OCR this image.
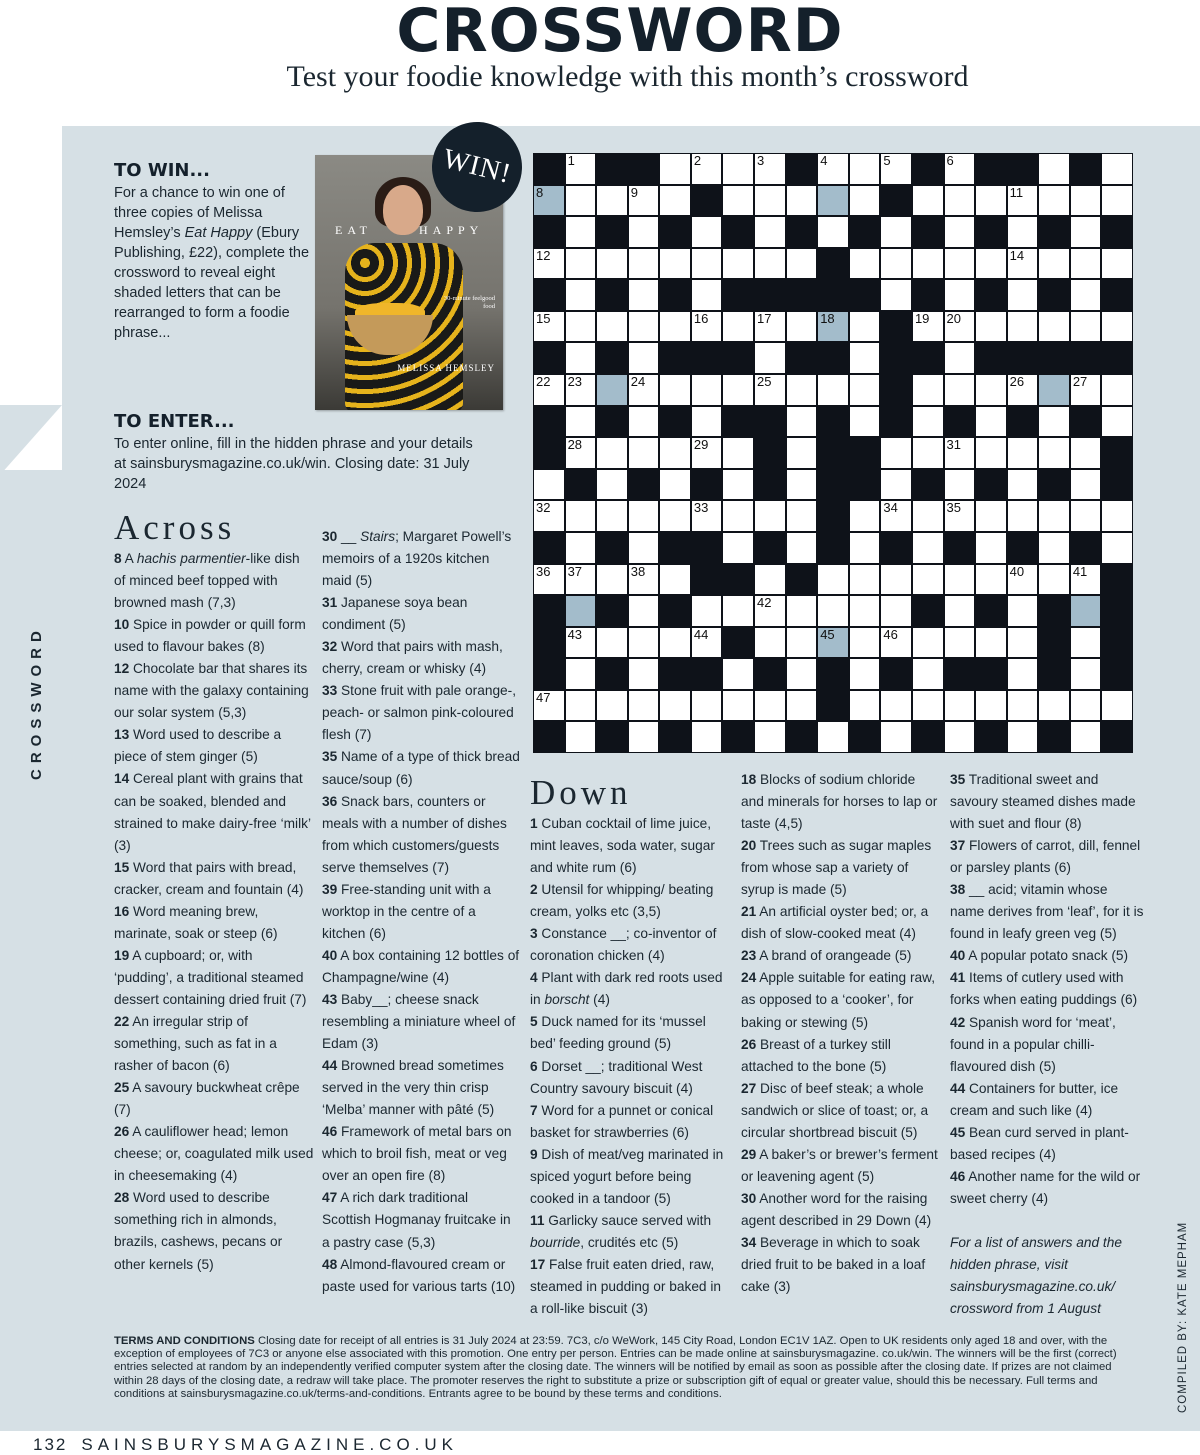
CROSSWORD
Test your foodie knowledge with this month’s crossword
CROSSWORD
TO WIN...
For a chance to win one of three copies of Melissa Hemsley’s Eat Happy (Ebury Publishing, £22), complete the crossword to reveal eight shaded letters that can be rearranged to form a foodie phrase...
EAT	HAPPY
30-minute feelgood food
MELISSA HEMSLEY
WIN!
TO ENTER...
To enter online, fill in the hidden phrase and your details at sainsburysmagazine.co.uk/win. Closing date: 31 July 2024
1	2	3	4	5	6
8	9	11
12	14
15	16	17	18	19 20
22 23	24	25	26	27
28	29	31
32	33	34	35
36 37	38	40	41
42
43	44	45	46
47
Across
8 A hachis parmentier-like dish of minced beef topped with browned mash (7,3)
10 Spice in powder or quill form used to flavour bakes (8)
12 Chocolate bar that shares its name with the galaxy containing our solar system (5,3)
13 Word used to describe a piece of stem ginger (5)
14 Cereal plant with grains that can be soaked, blended and strained to make dairy-free ‘milk’ (3)
15 Word that pairs with bread, cracker, cream and fountain (4)
16 Word meaning brew, marinate, soak or steep (6)
19 A cupboard; or, with ‘pudding’, a traditional steamed dessert containing dried fruit (7)
22 An irregular strip of something, such as fat in a rasher of bacon (6)
25 A savoury buckwheat crêpe (7)
26 A cauliflower head; lemon cheese; or, coagulated milk used in cheesemaking (4)
28 Word used to describe something rich in almonds, brazils, cashews, pecans or other kernels (5)
30 __ Stairs; Margaret Powell’s memoirs of a 1920s kitchen maid (5)
31 Japanese soya bean condiment (5)
32 Word that pairs with mash, cherry, cream or whisky (4)
33 Stone fruit with pale orange-, peach- or salmon pink-coloured flesh (7)
35 Name of a type of thick bread sauce/soup (6)
36 Snack bars, counters or meals with a number of dishes from which customers/guests serve themselves (7)
39 Free-standing unit with a worktop in the centre of a kitchen (6)
40 A box containing 12 bottles of Champagne/wine (4)
43 Baby__; cheese snack resembling a miniature wheel of Edam (3)
44 Browned bread sometimes served in the very thin crisp ‘Melba’ manner with pâté (5)
46 Framework of metal bars on which to broil fish, meat or veg over an open fire (8)
47 A rich dark traditional Scottish Hogmanay fruitcake in a pastry case (5,3)
48 Almond-flavoured cream or paste used for various tarts (10)
Down
1 Cuban cocktail of lime juice, mint leaves, soda water, sugar and white rum (6)
2 Utensil for whipping/ beating cream, yolks etc (3,5)
3 Constance __; co-inventor of coronation chicken (4)
4 Plant with dark red roots used in borscht (4)
5 Duck named for its ‘mussel bed’ feeding ground (5)
6 Dorset __; traditional West Country savoury biscuit (4)
7 Word for a punnet or conical basket for strawberries (6)
9 Dish of meat/veg marinated in spiced yogurt before being cooked in a tandoor (5)
11 Garlicky sauce served with bourride, crudités etc (5)
17 False fruit eaten dried, raw, steamed in pudding or baked in a roll-like biscuit (3)
18 Blocks of sodium chloride and minerals for horses to lap or taste (4,5)
20 Trees such as sugar maples from whose sap a variety of syrup is made (5)
21 An artificial oyster bed; or, a dish of slow-cooked meat (4)
23 A brand of orangeade (5)
24 Apple suitable for eating raw, as opposed to a ‘cooker’, for baking or stewing (5)
26 Breast of a turkey still attached to the bone (5)
27 Disc of beef steak; a whole sandwich or slice of toast; or, a circular shortbread biscuit (5)
29 A baker’s or brewer’s ferment or leavening agent (5)
30 Another word for the raising agent described in 29 Down (4)
34 Beverage in which to soak dried fruit to be baked in a loaf cake (3)
35 Traditional sweet and savoury steamed dishes made with suet and flour (8)
37 Flowers of carrot, dill, fennel or parsley plants (6)
38 __ acid; vitamin whose name derives from ‘leaf’, for it is found in leafy green veg (5)
40 A popular potato snack (5)
41 Items of cutlery used with forks when eating puddings (6)
42 Spanish word for ‘meat’, found in a popular chilli-flavoured dish (5)
44 Containers for butter, ice cream and such like (4)
45 Bean curd served in plant-based recipes (4)
46 Another name for the wild or sweet cherry (4)

For a list of answers and the hidden phrase, visit sainsburysmagazine.co.uk/ crossword from 1 August
TERMS AND CONDITIONS Closing date for receipt of all entries is 31 July 2024 at 23:59. 7C3, c/o WeWork, 145 City Road, London EC1V 1AZ. Open to UK residents only aged 18 and over, with the exception of employees of 7C3 or anyone else associated with this promotion. One entry per person. Entries can be made online at sainsburysmagazine. co.uk/win. The winners will be the first (correct) entries selected at random by an independently verified computer system after the closing date. The winners will be notified by email as soon as possible after the closing date. If prizes are not claimed within 28 days of the closing date, a redraw will take place. The promoter reserves the right to substitute a prize or subscription gift of equal or greater value, should this be necessary. Full terms and conditions at sainsburysmagazine.co.uk/terms-and-conditions. Entrants agree to be bound by these terms and conditions.	COMPILED BY: KATE MEPHAM
132 SAINSBURYSMAGAZINE.CO.UK
